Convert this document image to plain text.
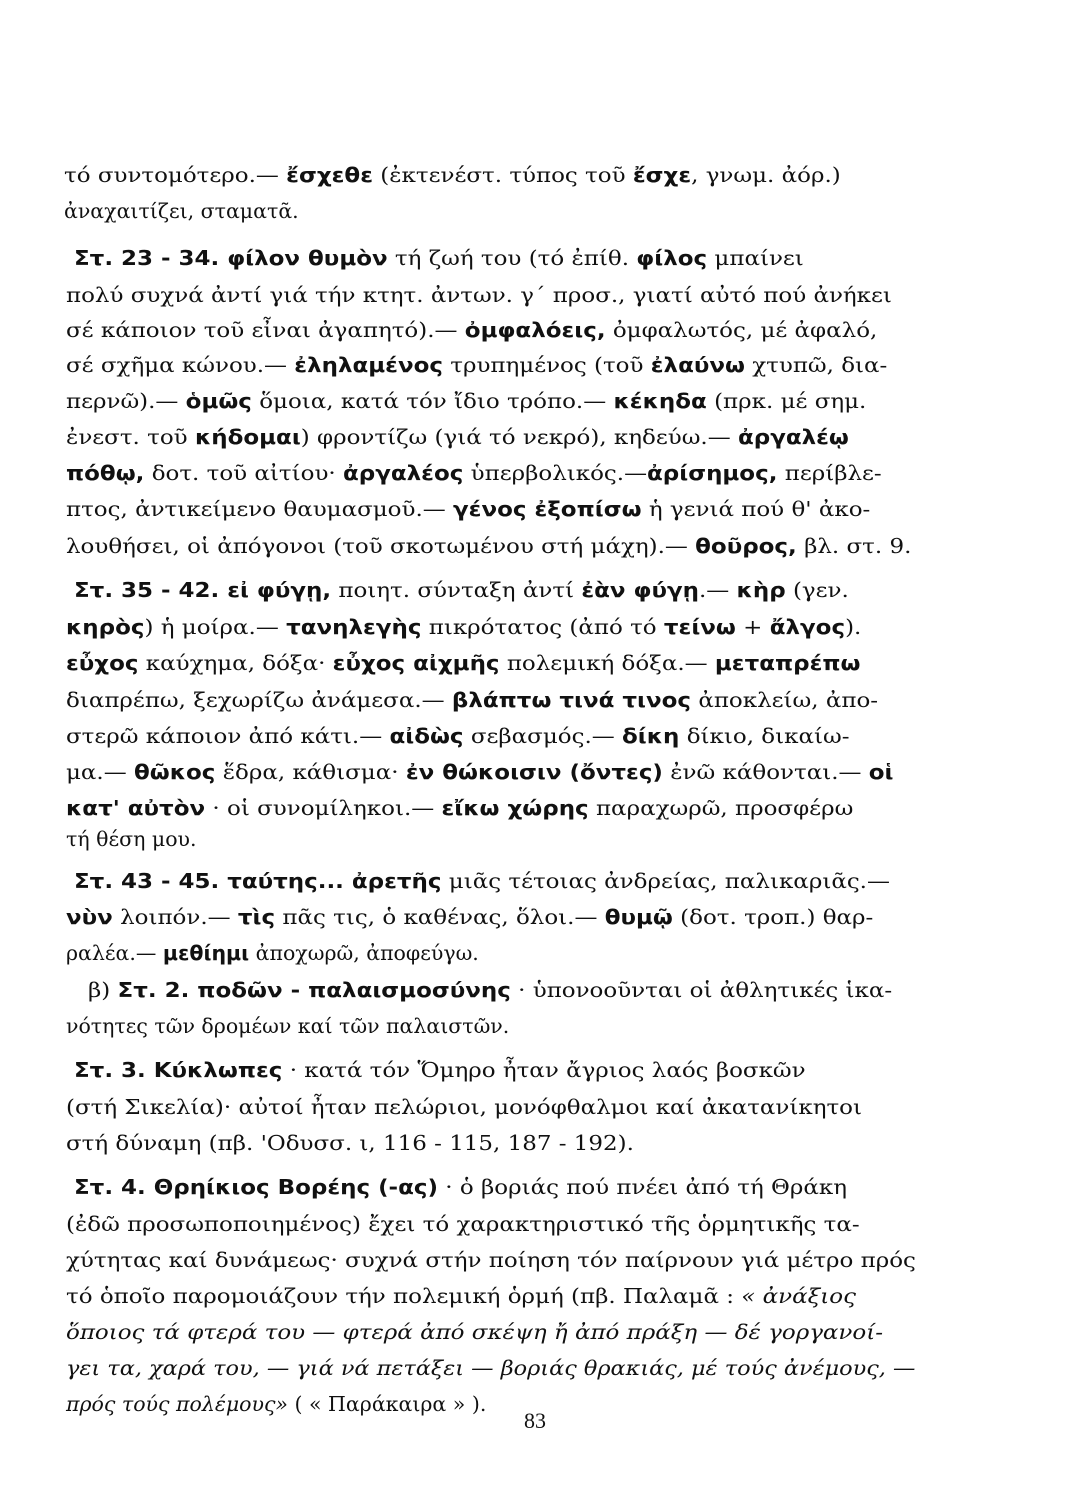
τό συντομότερο.— ἔσχεθε (ἐκτενέστ. τύπος τοῦ ἔσχε, γνωμ. ἀόρ.)
ἀναχαιτίζει, σταματᾶ.
Στ. 23 - 34. φίλον θυμὸν τή ζωή του (τό ἐπίθ. φίλος μπαίνει
πολύ συχνά ἀντί γιά τήν κτητ. ἀντων. γ΄ προσ., γιατί αὐτό πού ἀνήκει
σέ κάποιον τοῦ εἶναι ἀγαπητό).— ὀμφαλόεις, ὀμφαλωτός, μέ ἀφαλό,
σέ σχῆμα κώνου.— ἐληλαμένος τρυπημένος (τοῦ ἐλαύνω χτυπῶ, δια-
περνῶ).— ὁμῶς ὅμοια, κατά τόν ἴδιο τρόπο.— κέκηδα (πρκ. μέ σημ.
ἐνεστ. τοῦ κήδομαι) φροντίζω (γιά τό νεκρό), κηδεύω.— ἀργαλέῳ
πόθῳ, δοτ. τοῦ αἰτίου· ἀργαλέος ὑπερβολικός.—ἀρίσημος, περίβλε-
πτος, ἀντικείμενο θαυμασμοῦ.— γένος ἐξοπίσω ἡ γενιά πού θ' ἀκο-
λουθήσει, οἱ ἀπόγονοι (τοῦ σκοτωμένου στή μάχη).— θοῦρος, βλ. στ. 9.
Στ. 35 - 42. εἰ φύγῃ, ποιητ. σύνταξη ἀντί ἐὰν φύγῃ.— κὴρ (γεν.
κηρὸς) ἡ μοίρα.— τανηλεγὴς πικρότατος (ἀπό τό τείνω + ἄλγος).
εὖχος καύχημα, δόξα· εὖχος αἰχμῆς πολεμική δόξα.— μεταπρέπω
διαπρέπω, ξεχωρίζω ἀνάμεσα.— βλάπτω τινά τινος ἀποκλείω, ἀπο-
στερῶ κάποιον ἀπό κάτι.— αἰδὼς σεβασμός.— δίκη δίκιο, δικαίω-
μα.— θῶκος ἕδρα, κάθισμα· ἐν θώκοισιν (ὄντες) ἐνῶ κάθονται.— οἱ
κατ' αὐτὸν · οἱ συνομίληκοι.— εἴκω χώρης παραχωρῶ, προσφέρω
τή θέση μου.
Στ. 43 - 45. ταύτης... ἀρετῆς μιᾶς τέτοιας ἀνδρείας, παλικαριᾶς.—
νὺν λοιπόν.— τὶς πᾶς τις, ὁ καθένας, ὅλοι.— θυμῷ (δοτ. τροπ.) θαρ-
ραλέα.— μεθίημι ἀποχωρῶ, ἀποφεύγω.
β) Στ. 2. ποδῶν - παλαισμοσύνης · ὑπονοοῦνται οἱ ἀθλητικές ἱκα-
νότητες τῶν δρομέων καί τῶν παλαιστῶν.
Στ. 3. Κύκλωπες · κατά τόν Ὅμηρο ἦταν ἄγριος λαός βοσκῶν
(στή Σικελία)· αὐτοί ἦταν πελώριοι, μονόφθαλμοι καί ἀκατανίκητοι
στή δύναμη (πβ. 'Οδυσσ. ι, 116 - 115, 187 - 192).
Στ. 4. Θρηίκιος Βορέης (-ας) · ὁ βοριάς πού πνέει ἀπό τή Θράκη
(ἐδῶ προσωποποιημένος) ἔχει τό χαρακτηριστικό τῆς ὁρμητικῆς τα-
χύτητας καί δυνάμεως· συχνά στήν ποίηση τόν παίρνουν γιά μέτρο πρός
τό ὁποῖο παρομοιάζουν τήν πολεμική ὁρμή (πβ. Παλαμᾶ : « ἀνάξιος
ὅποιος τά φτερά του — φτερά ἀπό σκέψη ἤ ἀπό πράξη — δέ γοργανοί-
γει τα, χαρά του, — γιά νά πετάξει — βοριάς θρακιάς, μέ τούς ἀνέμους, —
πρός τούς πολέμους» ( « Παράκαιρα » ).
83
